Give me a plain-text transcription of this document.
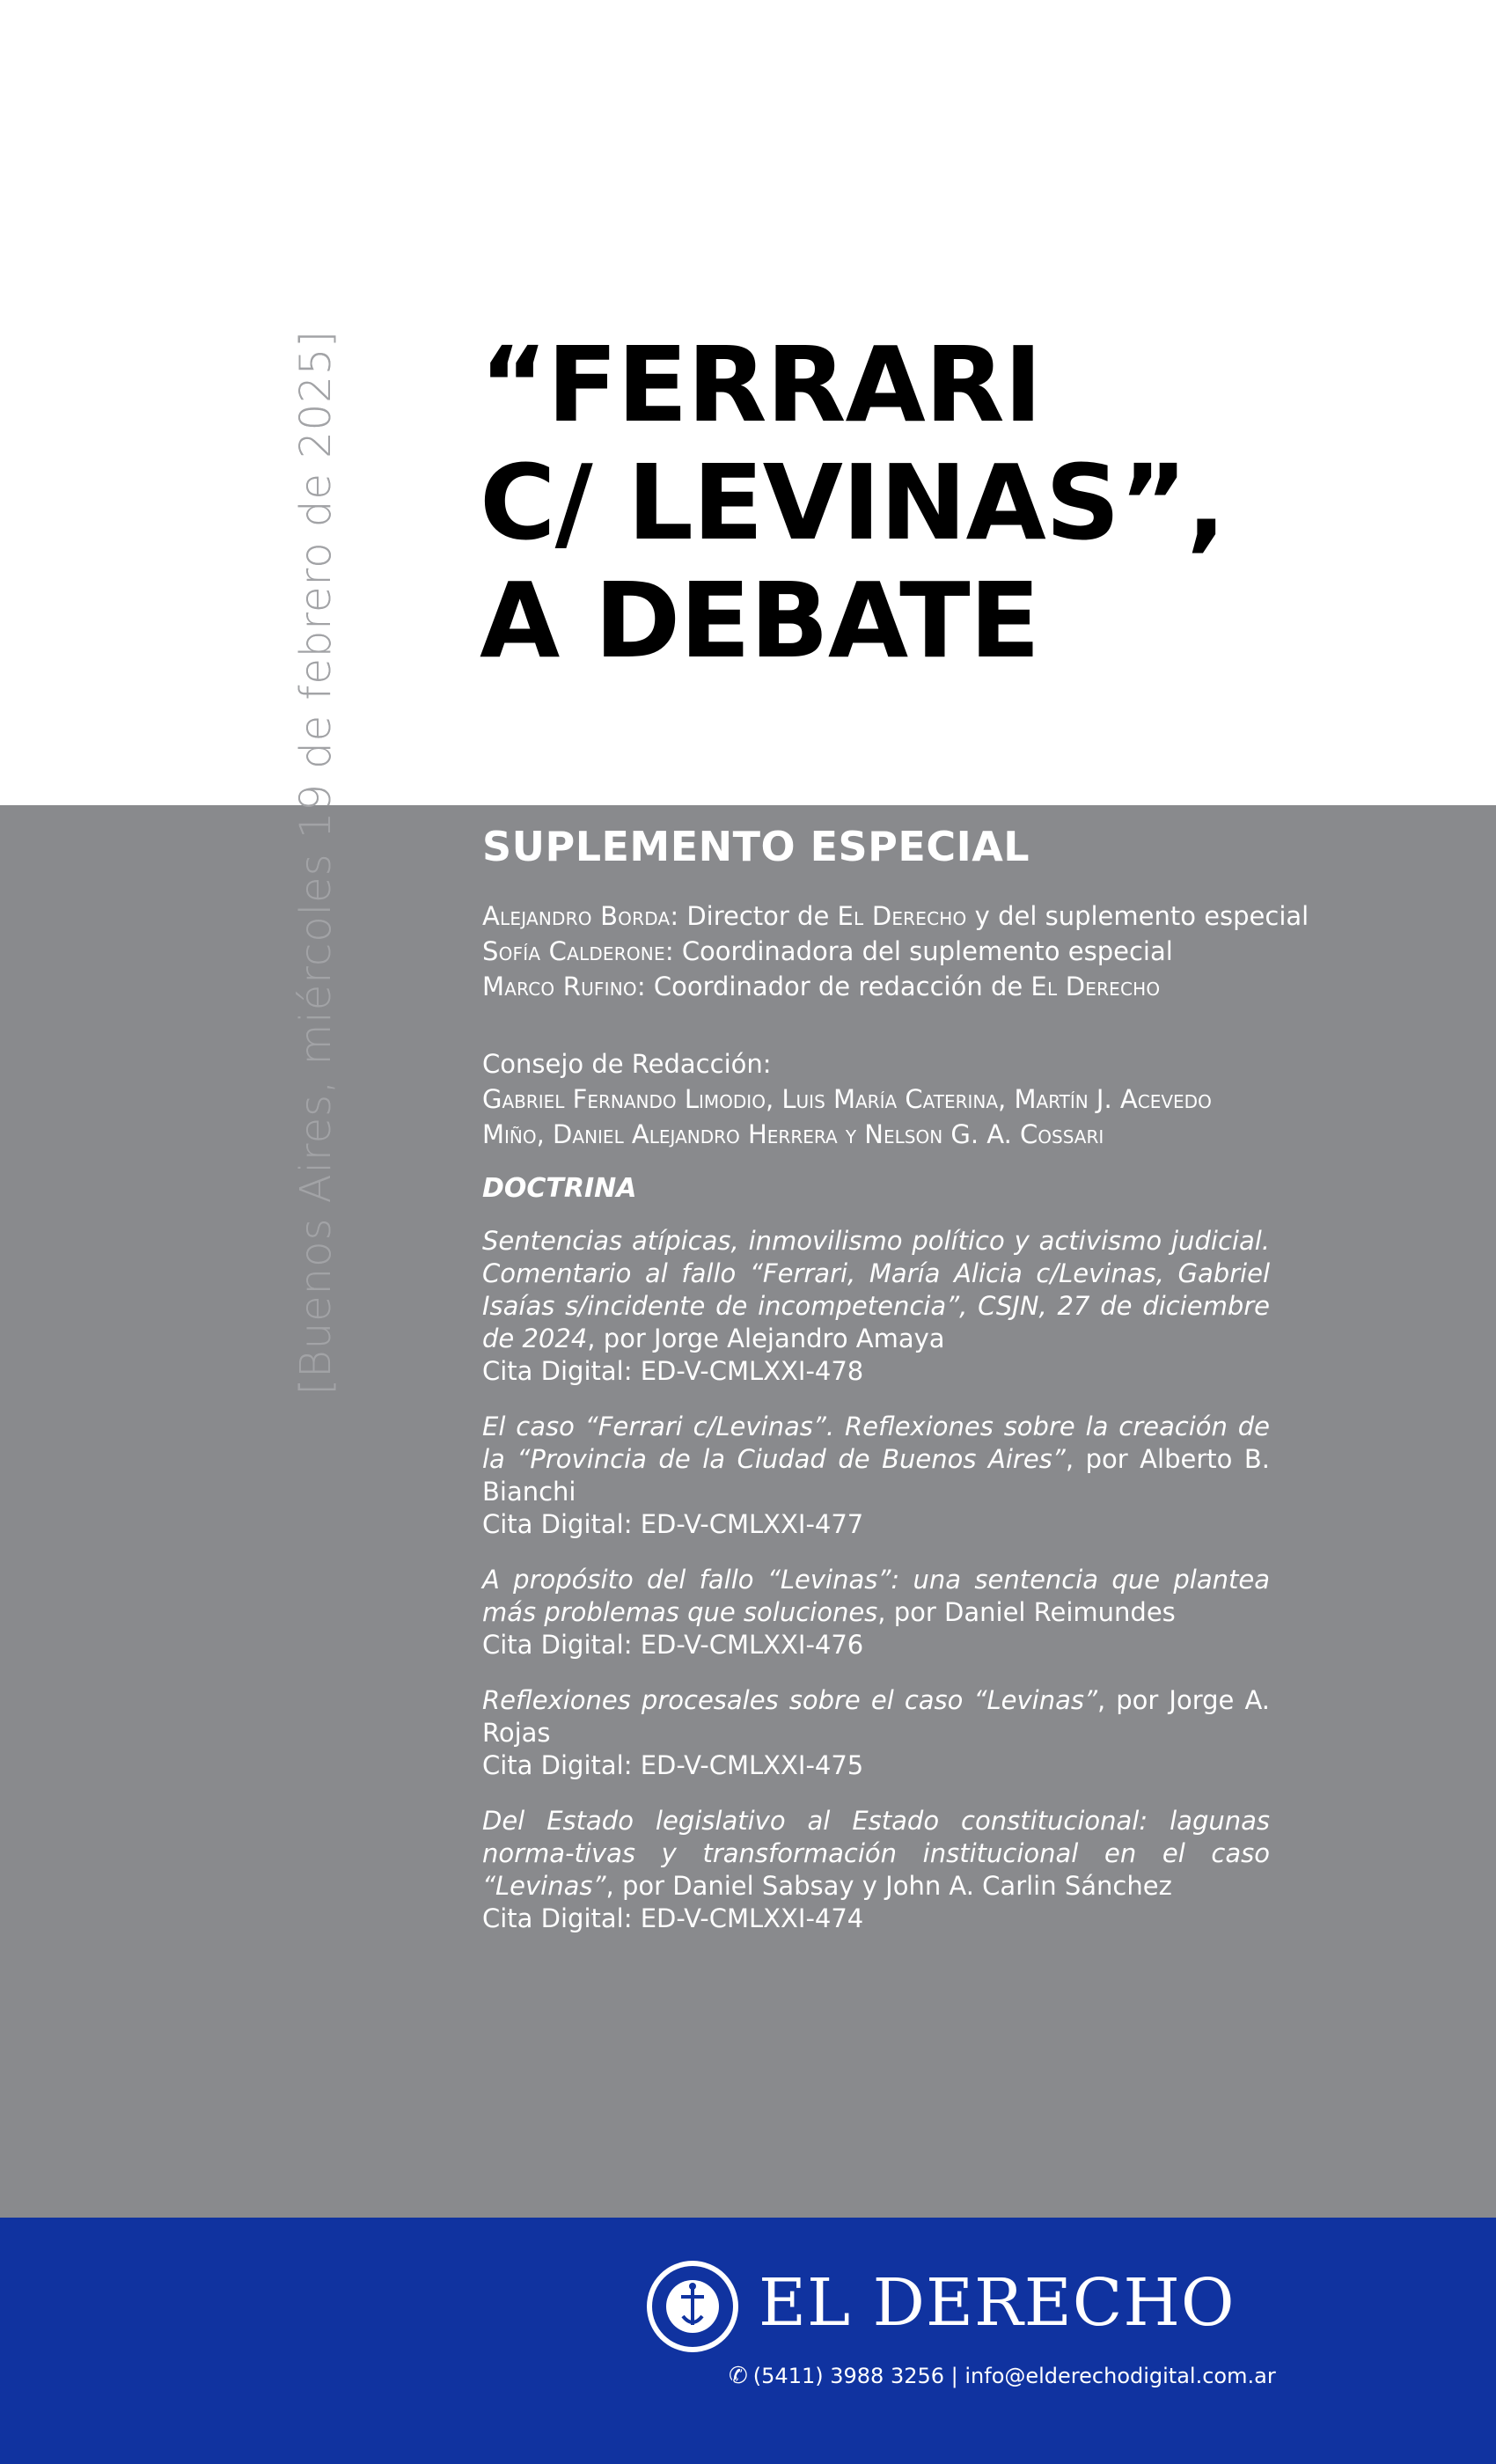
[Buenos Aires, miércoles 19 de febrero de 2025] “FERRARI
C/ LEVINAS”,
A DEBATE
SUPLEMENTO ESPECIAL
Alejandro Borda: Director de El Derecho y del suplemento especial
Sofía Calderone: Coordinadora del suplemento especial
Marco Rufino: Coordinador de redacción de El Derecho
Consejo de Redacción:
Gabriel Fernando Limodio, Luis María Caterina, Martín J. Acevedo
Miño, Daniel Alejandro Herrera y Nelson G. A. Cossari
DOCTRINA
Sentencias atípicas, inmovilismo político y activismo judicial. Comentario al fallo “Ferrari, María Alicia c/Levinas, Gabriel Isaías s/incidente de incompetencia”, CSJN, 27 de diciembre de 2024, por Jorge Alejandro Amaya
Cita Digital: ED-V-CMLXXI-478
El caso “Ferrari c/Levinas”. Reflexiones sobre la creación de la “Provincia de la Ciudad de Buenos Aires”, por Alberto B. Bianchi
Cita Digital: ED-V-CMLXXI-477
A propósito del fallo “Levinas”: una sentencia que plantea más problemas que soluciones, por Daniel Reimundes
Cita Digital: ED-V-CMLXXI-476
Reflexiones procesales sobre el caso “Levinas”, por Jorge A. Rojas
Cita Digital: ED-V-CMLXXI-475
Del Estado legislativo al Estado constitucional: lagunas norma-tivas y transformación institucional en el caso “Levinas”, por Daniel Sabsay y John A. Carlin Sánchez
Cita Digital: ED-V-CMLXXI-474
EL DERECHO
✆ (5411) 3988 3256 | info@elderechodigital.com.ar
